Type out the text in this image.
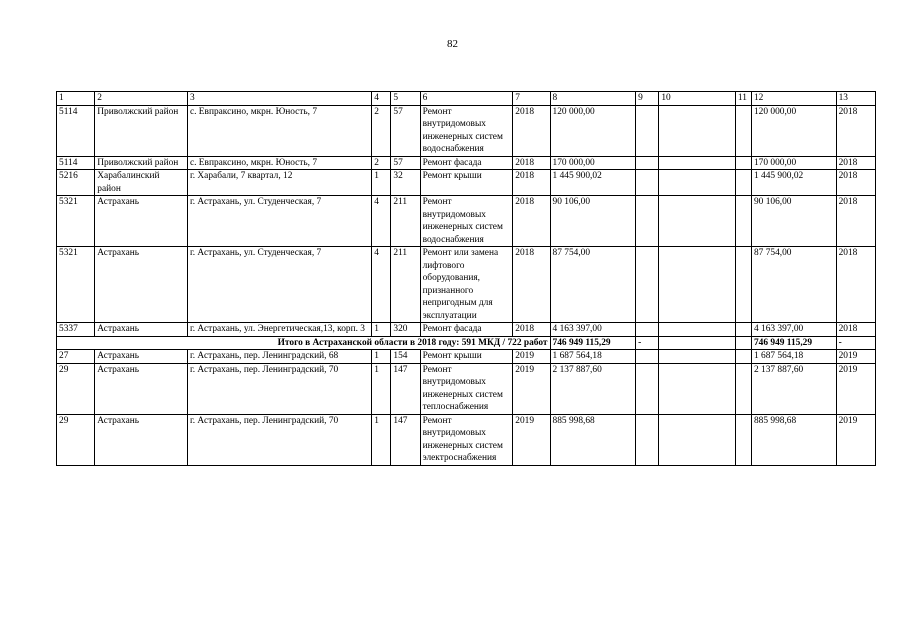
82
1	2	3	4	5	6	7	8	9	10	11	12	13
5114	Приволжский район	с. Евпраксино, мкрн. Юность, 7	2	57	Ремонт внутридомовых инженерных систем водоснабжения	2018	120 000,00				120 000,00	2018
5114	Приволжский район	с. Евпраксино, мкрн. Юность, 7	2	57	Ремонт фасада	2018	170 000,00				170 000,00	2018
5216	Харабалинский район	г. Харабали, 7 квартал, 12	1	32	Ремонт крыши	2018	1 445 900,02				1 445 900,02	2018
5321	Астрахань	г. Астрахань, ул. Студенческая, 7	4	211	Ремонт внутридомовых инженерных систем водоснабжения	2018	90 106,00				90 106,00	2018
5321	Астрахань	г. Астрахань, ул. Студенческая, 7	4	211	Ремонт или замена лифтового оборудования, признанного непригодным для эксплуатации	2018	87 754,00				87 754,00	2018
5337	Астрахань	г. Астрахань, ул. Энергетическая,13, корп. 3	1	320	Ремонт фасада	2018	4 163 397,00				4 163 397,00	2018
Итого в Астраханской области в 2018 году: 591 МКД / 722 работ							746 949 115,29	-			746 949 115,29	-
27	Астрахань	г. Астрахань, пер. Ленинградский, 68	1	154	Ремонт крыши	2019	1 687 564,18				1 687 564,18	2019
29	Астрахань	г. Астрахань, пер. Ленинградский, 70	1	147	Ремонт внутридомовых инженерных систем теплоснабжения	2019	2 137 887,60				2 137 887,60	2019
29	Астрахань	г. Астрахань, пер. Ленинградский, 70	1	147	Ремонт внутридомовых инженерных систем электроснабжения	2019	885 998,68				885 998,68	2019
